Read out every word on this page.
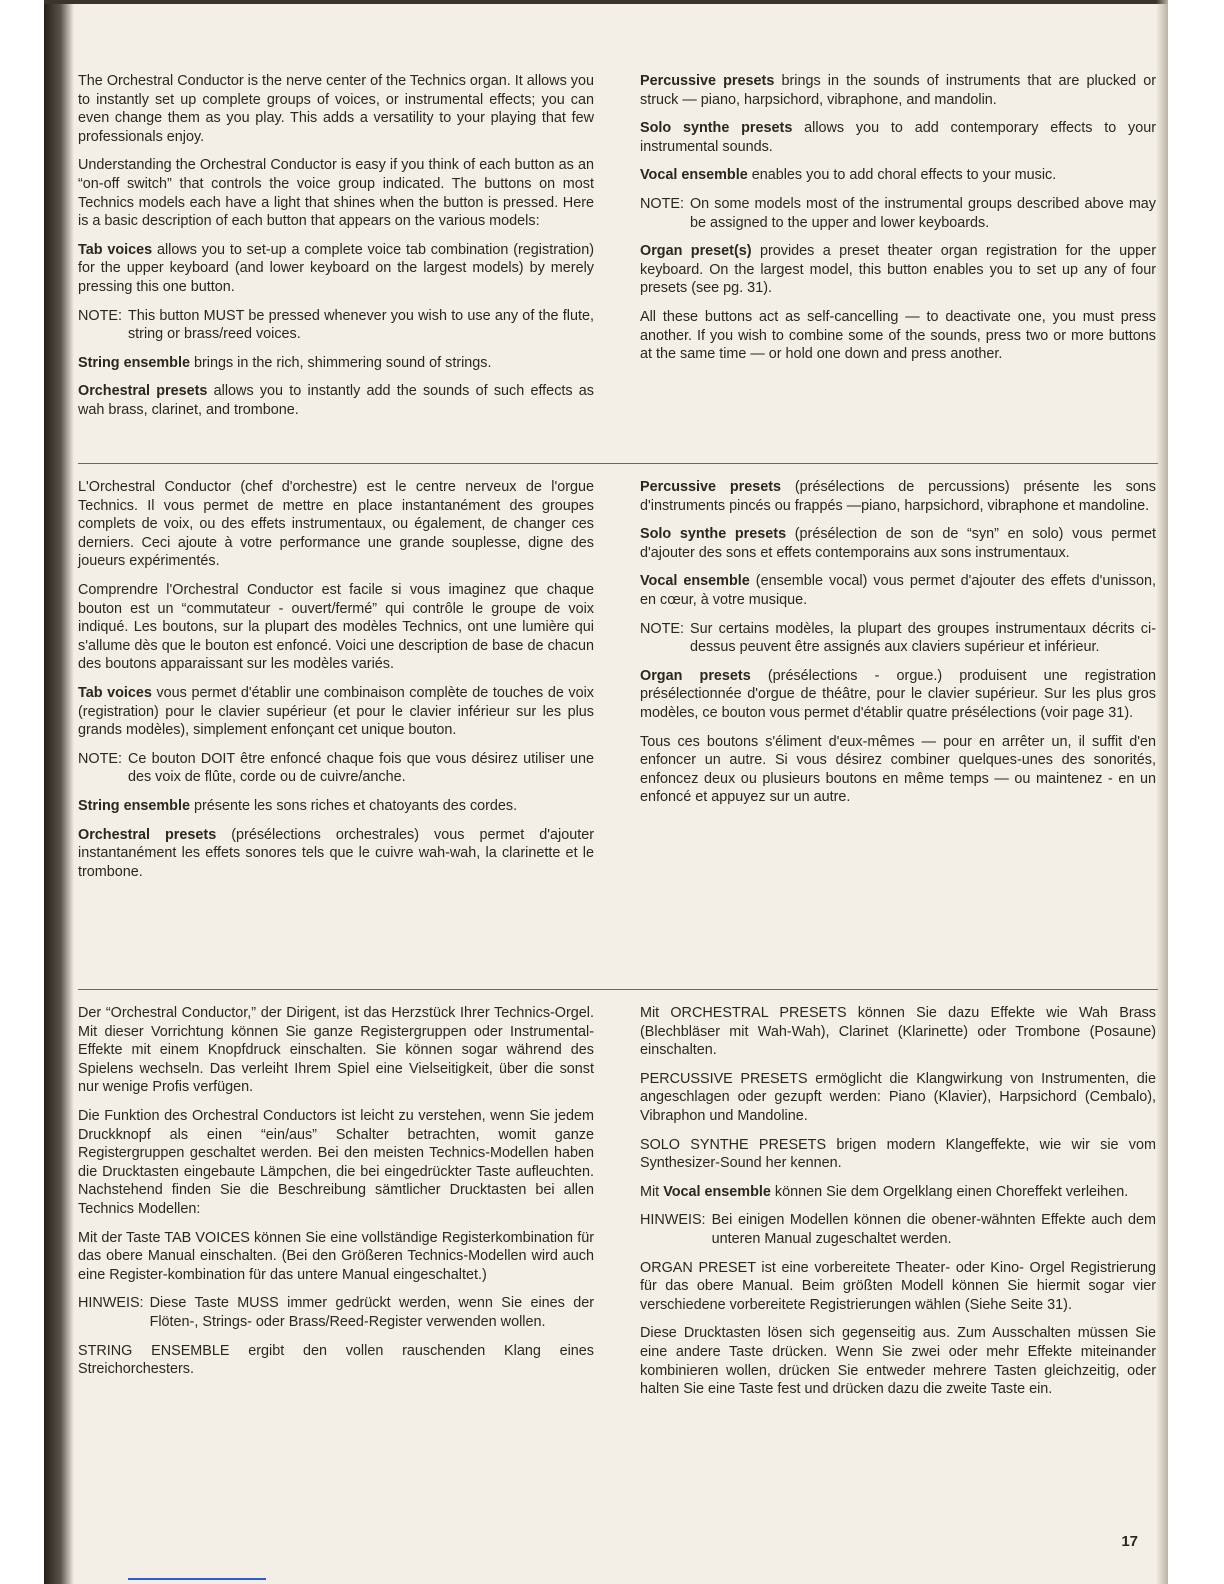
The Orchestral Conductor is the nerve center of the Technics organ. It allows you to instantly set up complete groups of voices, or instrumental effects; you can even change them as you play. This adds a versatility to your playing that few professionals enjoy.

Understanding the Orchestral Conductor is easy if you think of each button as an “on-off switch” that controls the voice group indicated. The buttons on most Technics models each have a light that shines when the button is pressed. Here is a basic description of each button that appears on the various models:

Tab voices allows you to set-up a complete voice tab combination (registration) for the upper keyboard (and lower keyboard on the largest models) by merely pressing this one button.

NOTE: This button MUST be pressed whenever you wish to use any of the flute, string or brass/reed voices.

String ensemble brings in the rich, shimmering sound of strings.

Orchestral presets allows you to instantly add the sounds of such effects as wah brass, clarinet, and trombone.

Percussive presets brings in the sounds of instruments that are plucked or struck — piano, harpsichord, vibraphone, and mandolin.

Solo synthe presets allows you to add contemporary effects to your instrumental sounds.

Vocal ensemble enables you to add choral effects to your music.

NOTE: On some models most of the instrumental groups described above may be assigned to the upper and lower keyboards.

Organ preset(s) provides a preset theater organ registration for the upper keyboard. On the largest model, this button enables you to set up any of four presets (see pg. 31).

All these buttons act as self-cancelling — to deactivate one, you must press another. If you wish to combine some of the sounds, press two or more buttons at the same time — or hold one down and press another.

L'Orchestral Conductor (chef d'orchestre) est le centre nerveux de l'orgue Technics. Il vous permet de mettre en place instantanément des groupes complets de voix, ou des effets instrumentaux, ou également, de changer ces derniers. Ceci ajoute à votre performance une grande souplesse, digne des joueurs expérimentés.

Comprendre l'Orchestral Conductor est facile si vous imaginez que chaque bouton est un “commutateur - ouvert/fermé” qui contrôle le groupe de voix indiqué. Les boutons, sur la plupart des modèles Technics, ont une lumière qui s'allume dès que le bouton est enfoncé. Voici une description de base de chacun des boutons apparaissant sur les modèles variés.

Tab voices vous permet d'établir une combinaison complète de touches de voix (registration) pour le clavier supérieur (et pour le clavier inférieur sur les plus grands modèles), simplement enfonçant cet unique bouton.

NOTE: Ce bouton DOIT être enfoncé chaque fois que vous désirez utiliser une des voix de flûte, corde ou de cuivre/anche.

String ensemble présente les sons riches et chatoyants des cordes.

Orchestral presets (présélections orchestrales) vous permet d'ajouter instantanément les effets sonores tels que le cuivre wah-wah, la clarinette et le trombone.

Percussive presets (présélections de percussions) présente les sons d'instruments pincés ou frappés —piano, harpsichord, vibraphone et mandoline.

Solo synthe presets (présélection de son de “syn” en solo) vous permet d'ajouter des sons et effets contemporains aux sons instrumentaux.

Vocal ensemble (ensemble vocal) vous permet d'ajouter des effets d'unisson, en cœur, à votre musique.

NOTE: Sur certains modèles, la plupart des groupes instrumentaux décrits ci-dessus peuvent être assignés aux claviers supérieur et inférieur.

Organ presets (présélections - orgue.) produisent une registration présélectionnée d'orgue de théâtre, pour le clavier supérieur. Sur les plus gros modèles, ce bouton vous permet d'établir quatre présélections (voir page 31).

Tous ces boutons s'éliment d'eux-mêmes — pour en arrêter un, il suffit d'en enfoncer un autre. Si vous désirez combiner quelques-unes des sonorités, enfoncez deux ou plusieurs boutons en même temps — ou maintenez - en un enfoncé et appuyez sur un autre.

Der “Orchestral Conductor,” der Dirigent, ist das Herzstück Ihrer Technics-Orgel. Mit dieser Vorrichtung können Sie ganze Registergruppen oder Instrumental-Effekte mit einem Knopfdruck einschalten. Sie können sogar während des Spielens wechseln. Das verleiht Ihrem Spiel eine Vielseitigkeit, über die sonst nur wenige Profis verfügen.

Die Funktion des Orchestral Conductors ist leicht zu verstehen, wenn Sie jedem Druckknopf als einen “ein/aus” Schalter betrachten, womit ganze Registergruppen geschaltet werden. Bei den meisten Technics-Modellen haben die Drucktasten eingebaute Lämpchen, die bei eingedrückter Taste aufleuchten. Nachstehend finden Sie die Beschreibung sämtlicher Drucktasten bei allen Technics Modellen:

Mit der Taste TAB VOICES können Sie eine vollständige Registerkombination für das obere Manual einschalten. (Bei den Größeren Technics-Modellen wird auch eine Register-kombination für das untere Manual eingeschaltet.)

HINWEIS: Diese Taste MUSS immer gedrückt werden, wenn Sie eines der Flöten-, Strings- oder Brass/Reed-Register verwenden wollen.

STRING ENSEMBLE ergibt den vollen rauschenden Klang eines Streichorchesters.

Mit ORCHESTRAL PRESETS können Sie dazu Effekte wie Wah Brass (Blechbläser mit Wah-Wah), Clarinet (Klarinette) oder Trombone (Posaune) einschalten.

PERCUSSIVE PRESETS ermöglicht die Klangwirkung von Instrumenten, die angeschlagen oder gezupft werden: Piano (Klavier), Harpsichord (Cembalo), Vibraphon und Mandoline.

SOLO SYNTHE PRESETS brigen modern Klangeffekte, wie wir sie vom Synthesizer-Sound her kennen.

Mit Vocal ensemble können Sie dem Orgelklang einen Choreffekt verleihen.

HINWEIS: Bei einigen Modellen können die obener-wähnten Effekte auch dem unteren Manual zugeschaltet werden.

ORGAN PRESET ist eine vorbereitete Theater- oder Kino- Orgel Registrierung für das obere Manual. Beim größten Modell können Sie hiermit sogar vier verschiedene vorbereitete Registrierungen wählen (Siehe Seite 31).

Diese Drucktasten lösen sich gegenseitig aus. Zum Ausschalten müssen Sie eine andere Taste drücken. Wenn Sie zwei oder mehr Effekte miteinander kombinieren wollen, drücken Sie entweder mehrere Tasten gleichzeitig, oder halten Sie eine Taste fest und drücken dazu die zweite Taste ein.

17
